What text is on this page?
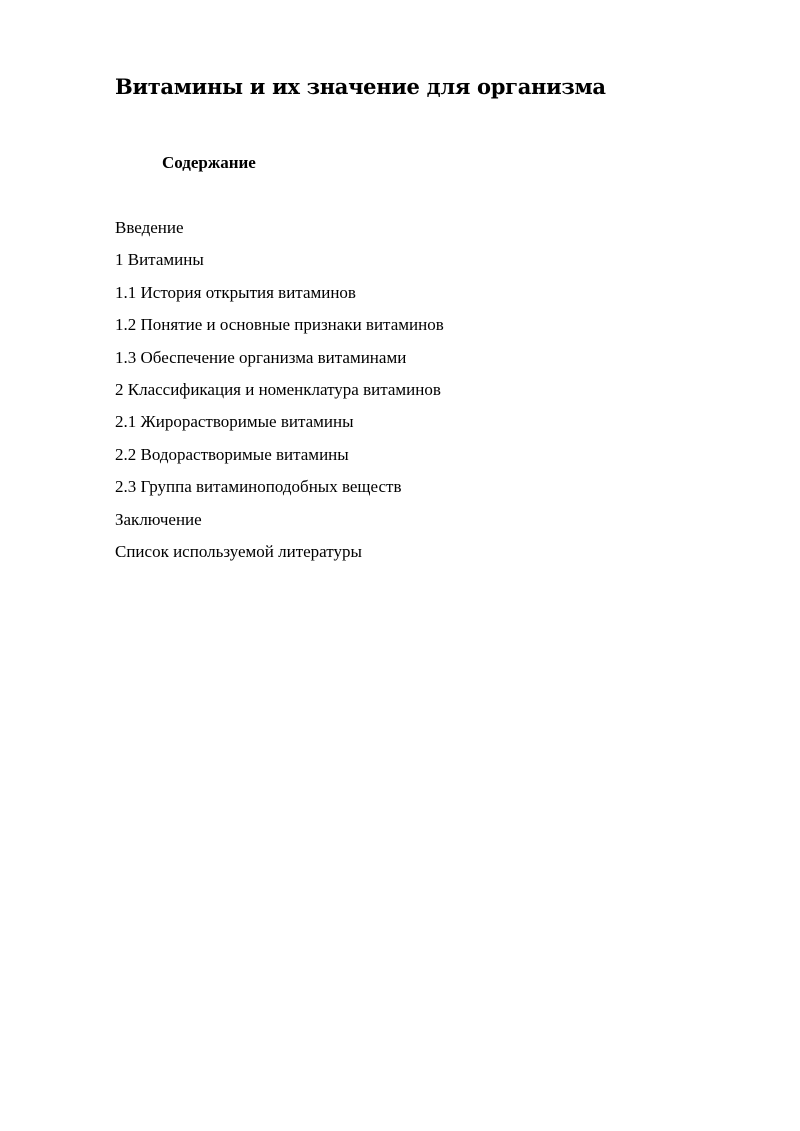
Витамины и их значение для организма
Содержание
Введение
1 Витамины
1.1 История открытия витаминов
1.2 Понятие и основные признаки витаминов
1.3 Обеспечение организма витаминами
2 Классификация и номенклатура витаминов
2.1 Жирорастворимые витамины
2.2 Водорастворимые витамины
2.3 Группа витаминоподобных веществ
Заключение
Список используемой литературы
